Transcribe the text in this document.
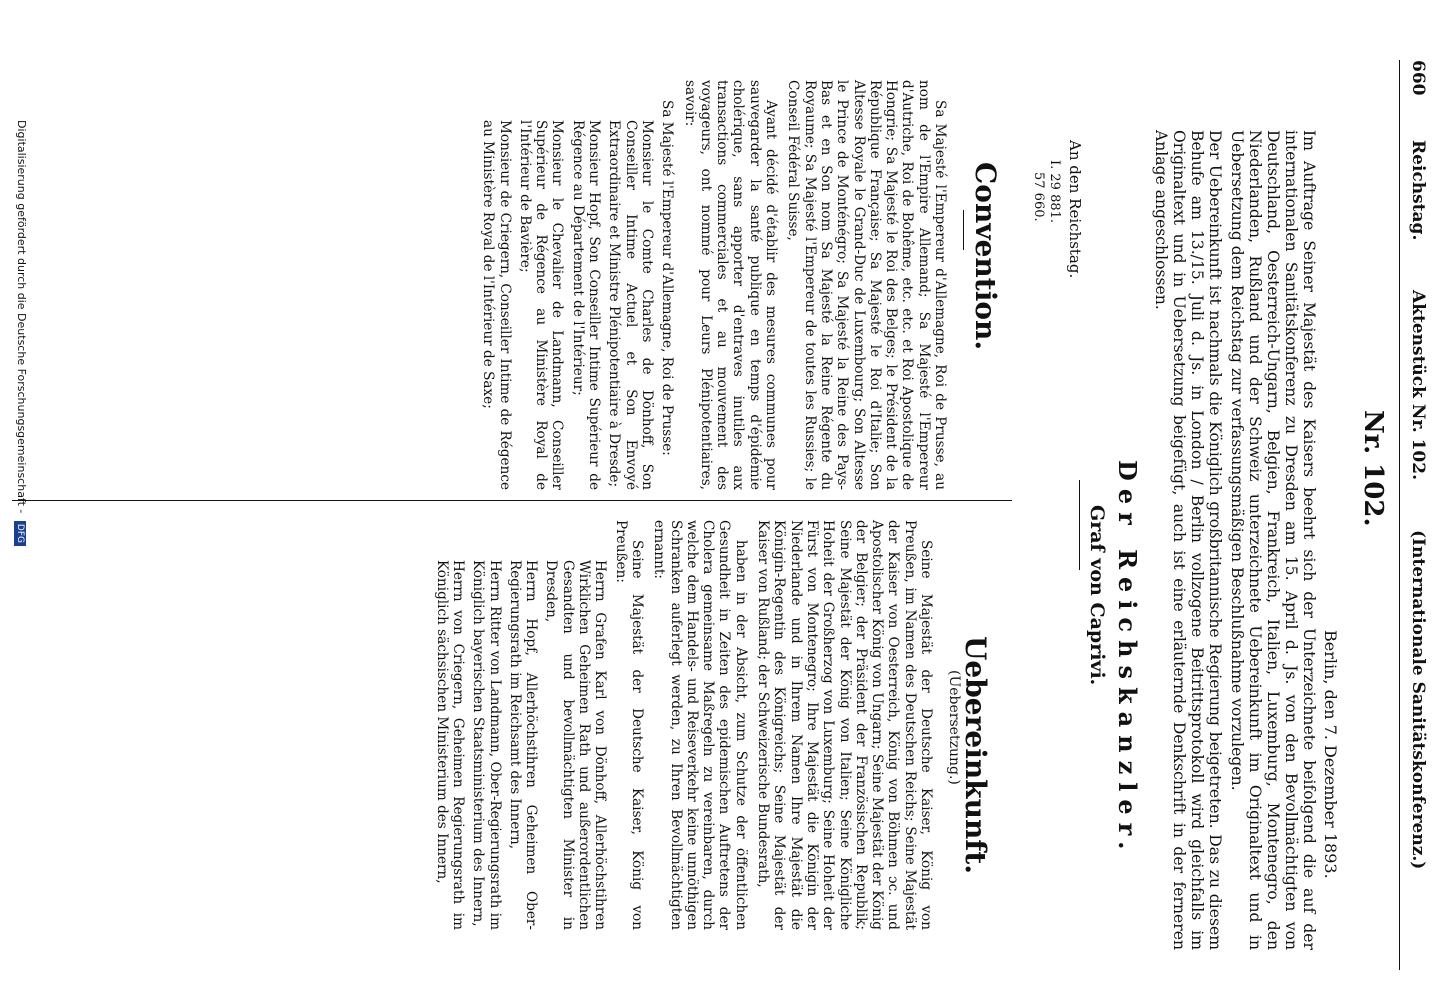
660
Reichstag.
Aktenstück Nr. 102.
(Internationale Sanitätskonferenz.)
Nr. 102.
Berlin, den 7. Dezember 1893.
Im Auftrage Seiner Majestät des Kaisers beehrt sich der Unterzeichnete beifolgend die auf der internationalen Sanitätskonferenz zu Dresden am 15. April d. Js. von den Bevollmächtigten von Deutschland, Oesterreich-Ungarn, Belgien, Frankreich, Italien, Luxemburg, Montenegro, den Niederlanden, Rußland und der Schweiz unterzeichnete Uebereinkunft im Originaltext und in Uebersetzung dem Reichstag zur verfassungsmäßigen Beschlußnahme vorzulegen.
Der Uebereinkunft ist nachmals die Königlich großbritannische Regierung beigetreten. Das zu diesem Behufe am 13./15. Juli d. Js. in London / Berlin vollzogene Beitrittsprotokoll wird gleichfalls im Originaltext und in Uebersetzung beigefügt, auch ist eine erläuternde Denkschrift in der ferneren Anlage angeschlossen.
Der Reichskanzler.
Graf von Caprivi.
An den Reichstag.
I. 29 881.
57 660.
Convention.
Uebereinkunft.
(Uebersetzung.)

Sa Majesté l'Empereur d'Allemagne, Roi de Prusse, au nom de l'Empire Allemand; Sa Majesté l'Empereur d'Autriche, Roi de Bohême, etc. etc. et Roi Apostolique de Hongrie; Sa Majesté le Roi des Belges; le Président de la République Française; Sa Majesté le Roi d'Italie; Son Altesse Royale le Grand-Duc de Luxembourg; Son Altesse le Prince de Monténégro; Sa Majesté la Reine des Pays-Bas et en Son nom Sa Majesté la Reine Régente du Royaume; Sa Majesté l'Empereur de toutes les Russies; le Conseil Fédéral Suisse,

Ayant décidé d'établir des mesures communes pour sauvegarder la santé publique en temps d'épidémie cholérique, sans apporter d'entraves inutiles aux transactions commerciales et au mouvement des voyageurs, ont nommé pour Leurs Plénipotentiaires, savoir:

Sa Majesté l'Empereur d'Allemagne, Roi de Prusse:

Monsieur le Comte Charles de Dönhoff, Son Conseiller Intime Actuel et Son Envoyé Extraordinaire et Ministre Plénipotentiaire à Dresde;

Monsieur Hopf, Son Conseiller Intime Supérieur de Régence au Département de l'Intérieur;

Monsieur le Chevalier de Landmann, Conseiller Supérieur de Régence au Ministère Royal de l'Intérieur de Bavière;

Monsieur de Criegern, Conseiller Intime de Régence au Ministère Royal de l'Intérieur de Saxe;

Seine Majestät der Deutsche Kaiser, König von Preußen, im Namen des Deutschen Reichs; Seine Majestät der Kaiser von Oesterreich, König von Böhmen ɔc. und Apostolischer König von Ungarn; Seine Majestät der König der Belgier; der Präsident der Französischen Republik; Seine Majestät der König von Italien; Seine Königliche Hoheit der Großherzog von Luxemburg; Seine Hoheit der Fürst von Montenegro; Ihre Majestät die Königin der Niederlande und in Ihrem Namen Ihre Majestät die Königin-Regentin des Königreichs; Seine Majestät der Kaiser von Rußland; der Schweizerische Bundesrath,

haben in der Absicht, zum Schutze der öffentlichen Gesundheit in Zeiten des epidemischen Auftretens der Cholera gemeinsame Maßregeln zu vereinbaren, durch welche dem Handels- und Reiseverkehr keine unnöthigen Schranken auferlegt werden, zu Ihren Bevollmächtigten ernannt:

Seine Majestät der Deutsche Kaiser, König von Preußen:

Herrn Grafen Karl von Dönhoff, Allerhöchstihren Wirklichen Geheimen Rath und außerordentlichen Gesandten und bevollmächtigten Minister in Dresden,

Herrn Hopf, Allerhöchstihren Geheimen Ober-Regierungsrath im Reichsamt des Innern,

Herrn Ritter von Landmann, Ober-Regierungsrath im Königlich bayerischen Staatsministerium des Innern,

Herrn von Criegern, Geheimen Regierungsrath im Königlich sächsischen Ministerium des Innern,

Digitalisierung gefördert durch die Deutsche Forschungsgemeinschaft - DFG
